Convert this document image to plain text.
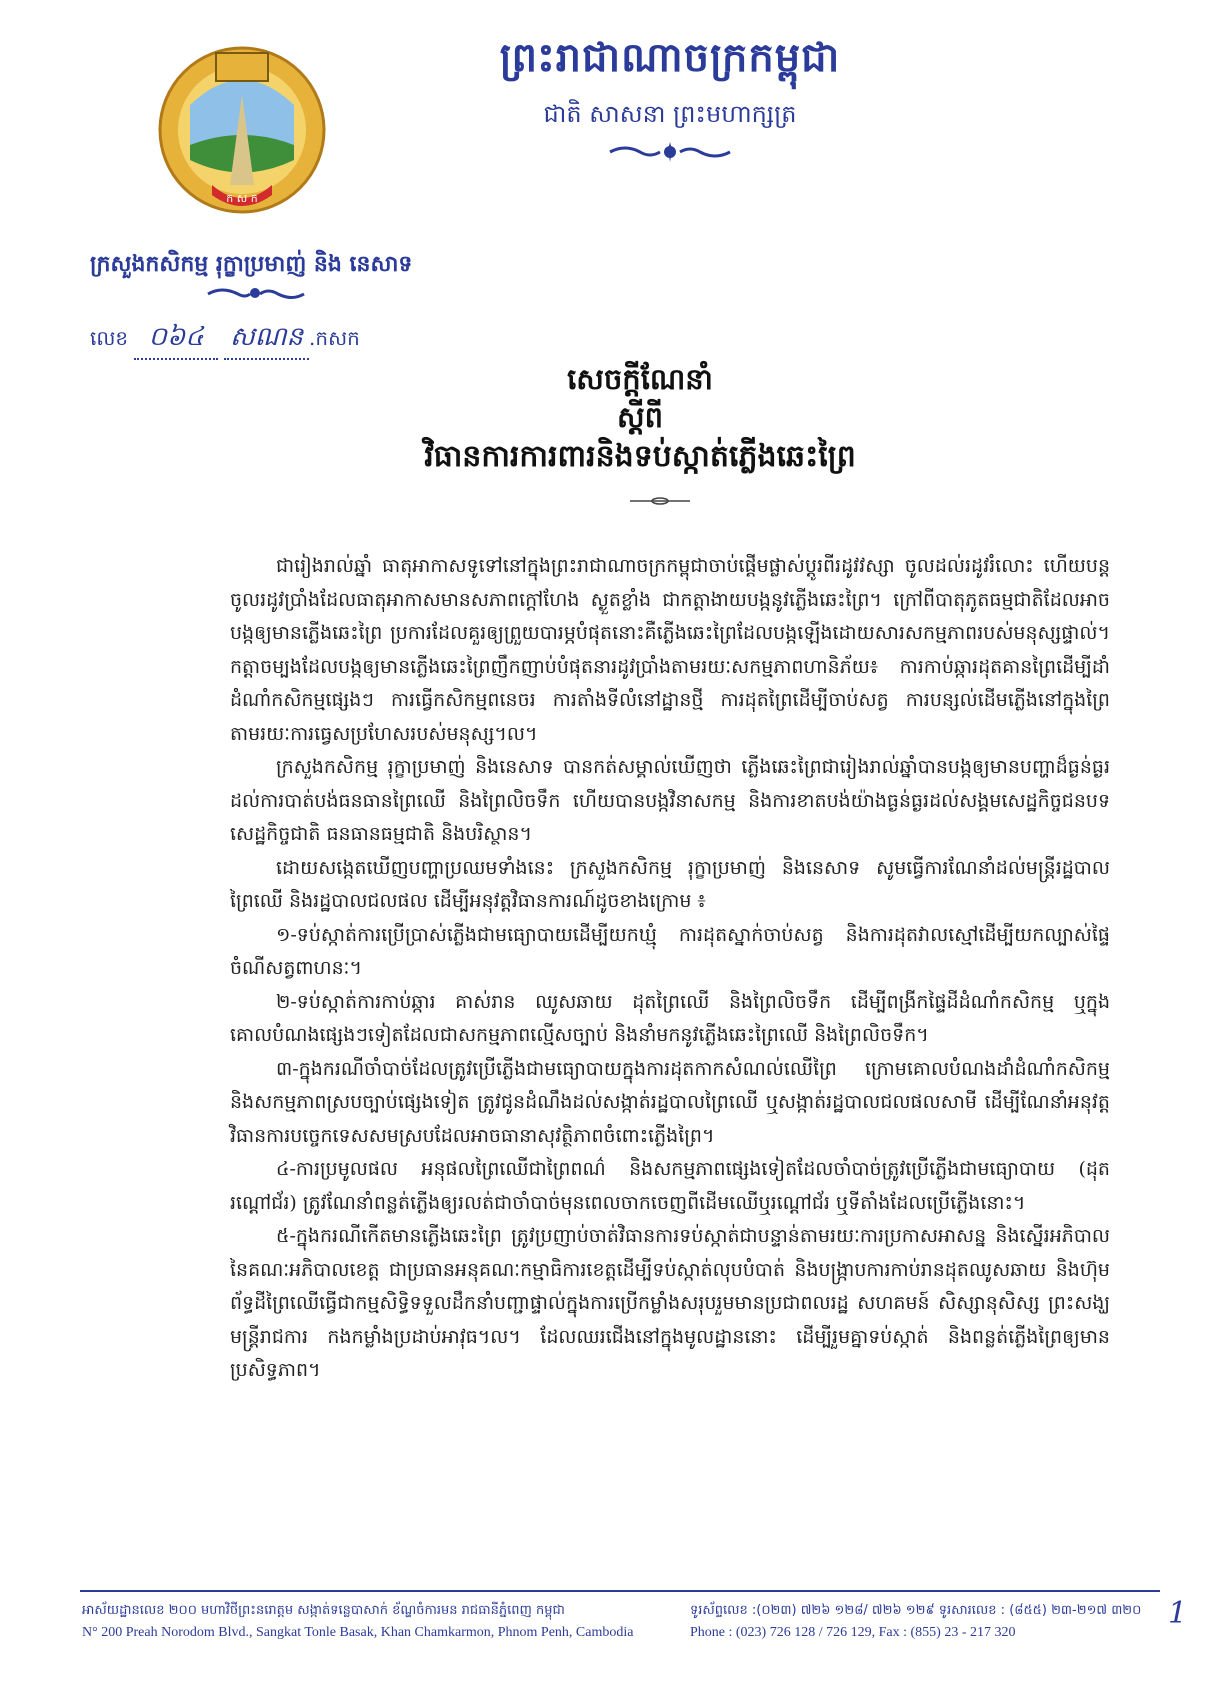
ក ស ក
ព្រះរាជាណាចក្រកម្ពុជា
ជាតិ សាសនា ព្រះមហាក្សត្រ
ក្រសួងកសិកម្ម រុក្ខាប្រមាញ់ និង នេសាទ
លេខ ០៦៤ សណន .កសក
សេចក្តីណែនាំ
ស្តីពី
វិធានការការពារនិងទប់ស្កាត់ភ្លើងឆេះព្រៃ

ជារៀងរាល់ឆ្នាំ ធាតុអាកាសទូទៅនៅក្នុងព្រះរាជាណាចក្រកម្ពុជាចាប់ផ្តើមផ្លាស់ប្តូរពីរដូវវស្សា ចូលដល់រដូវរំលោះ ហើយបន្តចូលរដូវប្រាំងដែលធាតុអាកាសមានសភាពក្តៅហែង ស្ងួតខ្លាំង ជាកត្តាងាយបង្កនូវភ្លើងឆេះព្រៃ។ ក្រៅពីបាតុភូតធម្មជាតិដែលអាចបង្កឲ្យមានភ្លើងឆេះព្រៃ ប្រការដែលគួរឲ្យព្រួយបារម្ភបំផុតនោះគឺភ្លើងឆេះព្រៃដែលបង្កឡើងដោយសារសកម្មភាពរបស់មនុស្សផ្ទាល់។ កត្តាចម្បងដែលបង្កឲ្យមានភ្លើងឆេះព្រៃញឹកញាប់បំផុតនារដូវប្រាំងតាមរយៈសកម្មភាពហានិភ័យ៖ ការកាប់ឆ្ការដុតគានព្រៃដើម្បីដាំដំណាំកសិកម្មផ្សេងៗ ការធ្វើកសិកម្មពនេចរ ការតាំងទីលំនៅដ្ឋានថ្មី ការដុតព្រៃដើម្បីចាប់សត្វ ការបន្សល់ដើមភ្លើងនៅក្នុងព្រៃតាមរយៈការធ្វេសប្រហែសរបស់មនុស្ស។ល។

ក្រសួងកសិកម្ម រុក្ខាប្រមាញ់ និងនេសាទ បានកត់សម្គាល់ឃើញថា ភ្លើងឆេះព្រៃជារៀងរាល់ឆ្នាំបានបង្កឲ្យមានបញ្ហាដ៏ធ្ងន់ធ្ងរដល់ការបាត់បង់ធនធានព្រៃឈើ និងព្រៃលិចទឹក ហើយបានបង្កវិនាសកម្ម និងការខាតបង់យ៉ាងធ្ងន់ធ្ងរដល់សង្គមសេដ្ឋកិច្ចជនបទ សេដ្ឋកិច្ចជាតិ ធនធានធម្មជាតិ និងបរិស្ថាន។

ដោយសង្កេតឃើញបញ្ហាប្រឈមទាំងនេះ ក្រសួងកសិកម្ម រុក្ខាប្រមាញ់ និងនេសាទ សូមធ្វើការណែនាំដល់មន្ត្រីរដ្ឋបាលព្រៃឈើ និងរដ្ឋបាលជលផល ដើម្បីអនុវត្តវិធានការណ៍ដូចខាងក្រោម ៖

១-ទប់ស្កាត់ការប្រើប្រាស់ភ្លើងជាមធ្យោបាយដើម្បីយកឃ្មុំ ការដុតស្នាក់ចាប់សត្វ និងការដុតវាលស្មៅដើម្បីយកល្បាស់ផ្ទៃចំណីសត្វពាហនៈ។

២-ទប់ស្កាត់ការកាប់ឆ្ការ គាស់រាន ឈូសឆាយ ដុតព្រៃឈើ និងព្រៃលិចទឹក ដើម្បីពង្រីកផ្ទៃដីដំណាំកសិកម្ម ឬក្នុងគោលបំណងផ្សេងៗទៀតដែលជាសកម្មភាពល្មើសច្បាប់ និងនាំមកនូវភ្លើងឆេះព្រៃឈើ និងព្រៃលិចទឹក។

៣-ក្នុងករណីចាំបាច់ដែលត្រូវប្រើភ្លើងជាមធ្យោបាយក្នុងការដុតកាកសំណល់ឈើព្រៃ ក្រោមគោលបំណងដាំដំណាំកសិកម្ម និងសកម្មភាពស្របច្បាប់ផ្សេងទៀត ត្រូវជូនដំណឹងដល់សង្កាត់រដ្ឋបាលព្រៃឈើ ឬសង្កាត់រដ្ឋបាលជលផលសាមី ដើម្បីណែនាំអនុវត្តវិធានការបច្ចេកទេសសមស្របដែលអាចធានាសុវត្ថិភាពចំពោះភ្លើងព្រៃ។

៤-ការប្រមូលផល អនុផលព្រៃឈើជាព្រៃពណ៌ និងសកម្មភាពផ្សេងទៀតដែលចាំបាច់ត្រូវប្រើភ្លើងជាមធ្យោបាយ (ដុតរណ្តៅជ័រ) ត្រូវណែនាំពន្លត់ភ្លើងឲ្យរលត់ជាចាំបាច់មុនពេលចាកចេញពីដើមឈើឬរណ្តៅជ័រ ឬទីតាំងដែលប្រើភ្លើងនោះ។

៥-ក្នុងករណីកើតមានភ្លើងឆេះព្រៃ ត្រូវប្រញាប់ចាត់វិធានការទប់ស្កាត់ជាបន្ទាន់តាមរយៈការប្រកាសអាសន្ន និងស្នើរអភិបាលនៃគណៈអភិបាលខេត្ត ជាប្រធានអនុគណៈកម្មាធិការខេត្តដើម្បីទប់ស្កាត់លុបបំបាត់ និងបង្ក្រាបការកាប់រានដុតឈូសឆាយ និងហ៊ុមព័ទ្ធដីព្រៃឈើធ្វើជាកម្មសិទ្ធិទទួលដឹកនាំបញ្ជាផ្ទាល់ក្នុងការប្រើកម្លាំងសរុបរួមមានប្រជាពលរដ្ឋ សហគមន៍ សិស្សានុសិស្ស ព្រះសង្ឃ មន្ត្រីរាជការ កងកម្លាំងប្រដាប់អាវុធ។ល។ ដែលឈរជើងនៅក្នុងមូលដ្ឋាននោះ ដើម្បីរួមគ្នាទប់ស្កាត់ និងពន្លត់ភ្លើងព្រៃឲ្យមានប្រសិទ្ធភាព។

អាស័យដ្ឋានលេខ ២០០ មហាវិថីព្រះនរោត្តម សង្កាត់ទន្លេបាសាក់ ខ័ណ្ឌចំការមន រាជធានីភ្នំពេញ កម្ពុជា
N° 200 Preah Norodom Blvd., Sangkat Tonle Basak, Khan Chamkarmon, Phnom Penh, Cambodia
ទូរស័ព្ទលេខ :(០២៣) ៧២៦ ១២៨/ ៧២៦ ១២៩ ទូរសារលេខ : (៨៥៥) ២៣-២១៧ ៣២០
Phone : (023) 726 128 / 726 129, Fax : (855) 23 - 217 320
1
